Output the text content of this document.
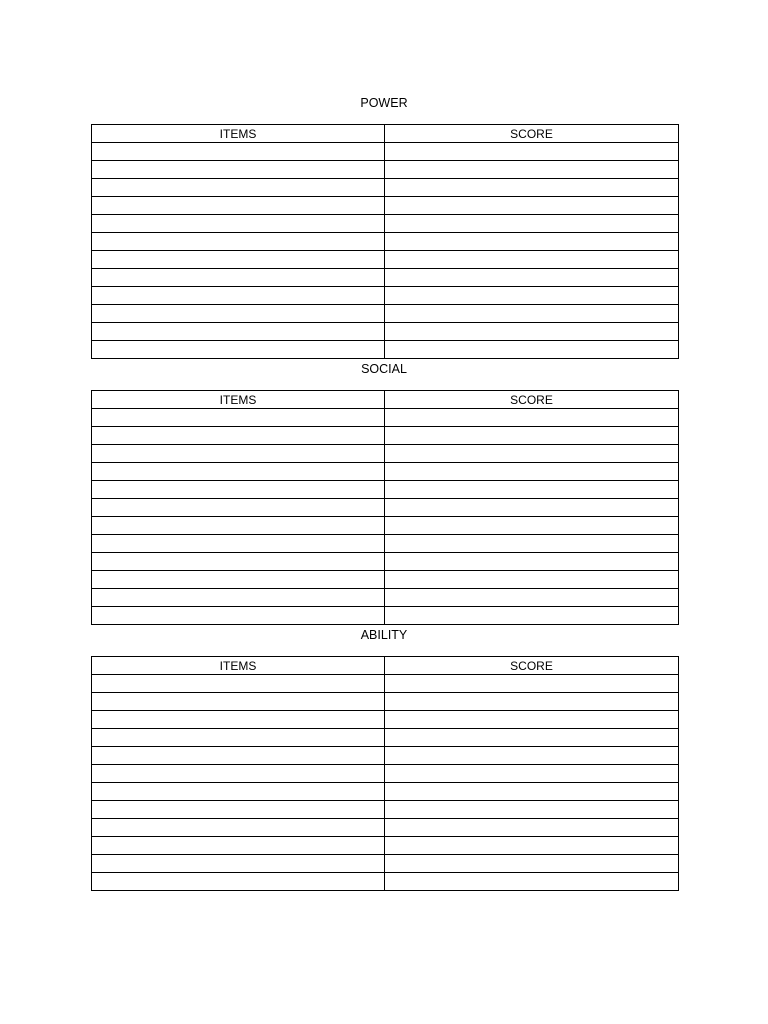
POWER
ITEMS	SCORE

SOCIAL
ITEMS	SCORE

ABILITY
ITEMS	SCORE
